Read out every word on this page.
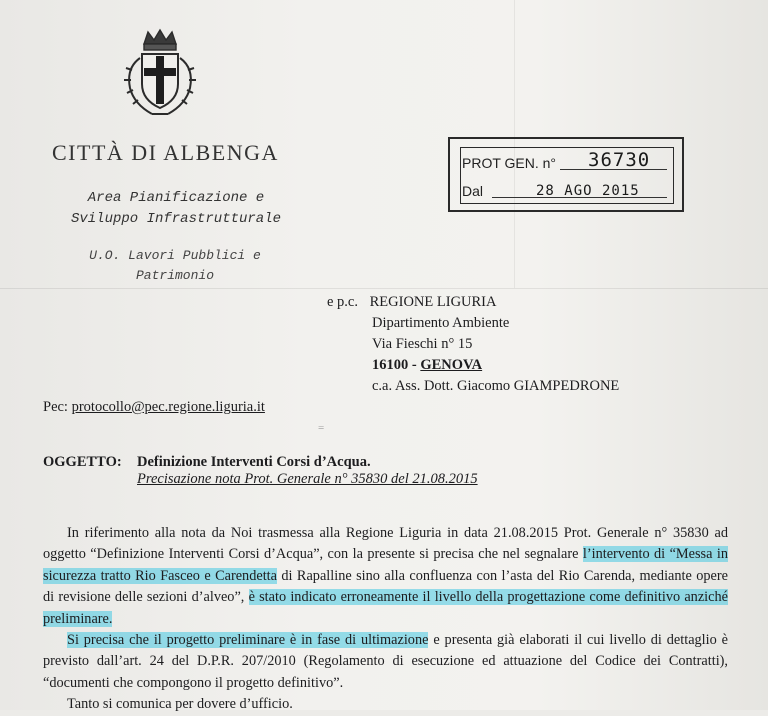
CITTÀ DI ALBENGA
Area Pianificazione e
Sviluppo Infrastrutturale
U.O. Lavori Pubblici e
Patrimonio
PROT GEN. n° 36730
Dal	28 AGO 2015
e p.c. REGIONE LIGURIA
Dipartimento Ambiente
Via Fieschi n° 15
16100 - GENOVA
c.a. Ass. Dott. Giacomo GIAMPEDRONE
Pec: protocollo@pec.regione.liguria.it
=
OGGETTO: Definizione Interventi Corsi d’Acqua.
Precisazione nota Prot. Generale n° 35830 del 21.08.2015

In riferimento alla nota da Noi trasmessa alla Regione Liguria in data 21.08.2015 Prot. Generale n° 35830 ad oggetto “Definizione Interventi Corsi d’Acqua”, con la presente si precisa che nel segnalare l’intervento di “Messa in sicurezza tratto Rio Fasceo e Carendetta di Rapalline sino alla confluenza con l’asta del Rio Carenda, mediante opere di revisione delle sezioni d’alveo”, è stato indicato erroneamente il livello della progettazione come definitivo anziché preliminare.

Si precisa che il progetto preliminare è in fase di ultimazione e presenta già elaborati il cui livello di dettaglio è previsto dall’art. 24 del D.P.R. 207/2010 (Regolamento di esecuzione ed attuazione del Codice dei Contratti), “documenti che compongono il progetto definitivo”.

Tanto si comunica per dovere d’ufficio.
